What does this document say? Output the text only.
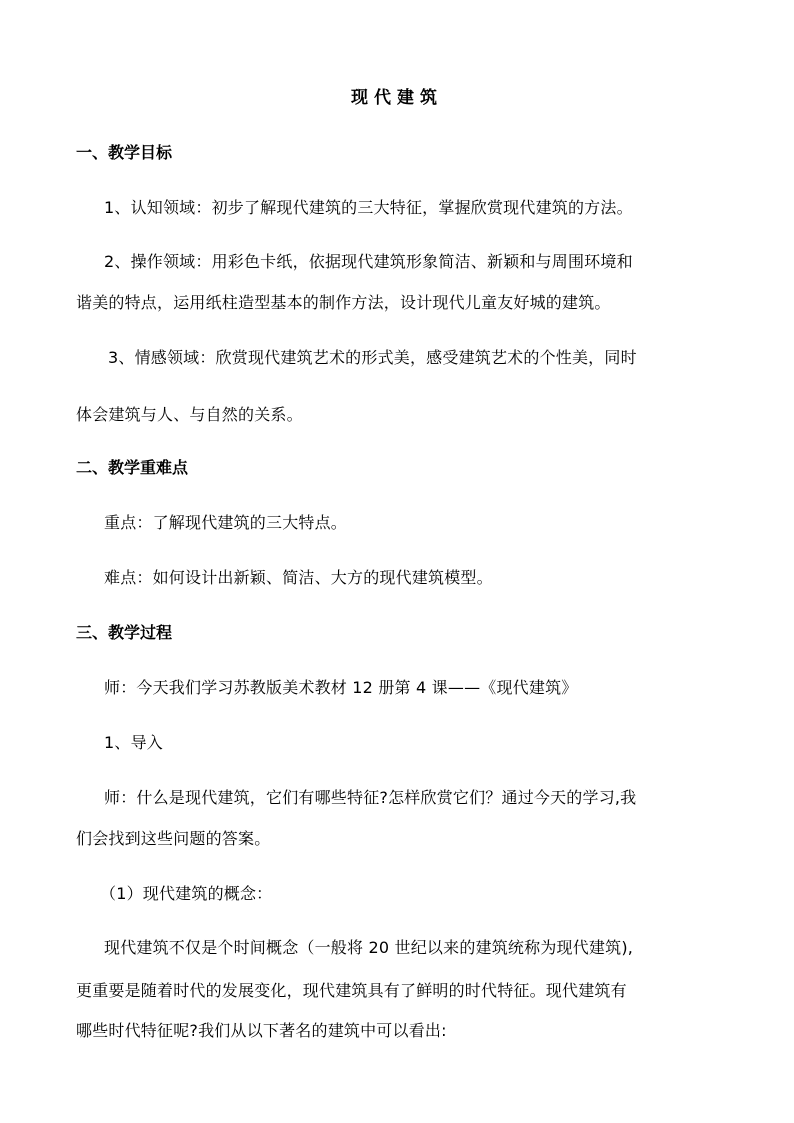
现代建筑
一、教学目标
1、认知领域：初步了解现代建筑的三大特征，掌握欣赏现代建筑的方法。
2、操作领域：用彩色卡纸，依据现代建筑形象简洁、新颖和与周围环境和
谐美的特点，运用纸柱造型基本的制作方法，设计现代儿童友好城的建筑。
3、情感领域：欣赏现代建筑艺术的形式美，感受建筑艺术的个性美，同时
体会建筑与人、与自然的关系。
二、教学重难点
重点：了解现代建筑的三大特点。
难点：如何设计出新颖、简洁、大方的现代建筑模型。
三、教学过程
师：今天我们学习苏教版美术教材 12 册第 4 课——《现代建筑》
1、导入
师：什么是现代建筑，它们有哪些特征?怎样欣赏它们？通过今天的学习,我
们会找到这些问题的答案。
（1）现代建筑的概念：
现代建筑不仅是个时间概念（一般将 20 世纪以来的建筑统称为现代建筑),
更重要是随着时代的发展变化，现代建筑具有了鲜明的时代特征。现代建筑有
哪些时代特征呢?我们从以下著名的建筑中可以看出:
